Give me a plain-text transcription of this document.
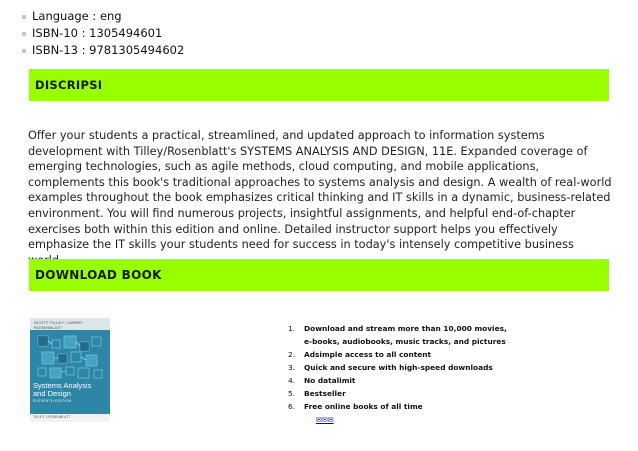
Language : eng
ISBN-10 : 1305494601
ISBN-13 : 9781305494602
DISCRIPSI

Offer your students a practical, streamlined, and updated approach to information systems development with Tilley/Rosenblatt's SYSTEMS ANALYSIS AND DESIGN, 11E. Expanded coverage of emerging technologies, such as agile methods, cloud computing, and mobile applications, complements this book's traditional approaches to systems analysis and design. A wealth of real-world examples throughout the book emphasizes critical thinking and IT skills in a dynamic, business-related environment. You will find numerous projects, insightful assignments, and helpful end-of-chapter exercises both within this edition and online. Detailed instructor support helps you effectively emphasize the IT skills your students need for success in today's intensely competitive business

DOWNLOAD BOOK
SCOTT TILLEY | HARRY ROSENBLATT
Systems Analysis
and Design
ELEVENTH EDITION
TILLEY | ROSENBLATT
1.	Download and stream more than 10,000 movies,
e-books, audiobooks, music tracks, and pictures
2.	Adsimple access to all content
3.	Quick and secure with high-speed downloads
4.	No datalimit
5.	Bestseller
6.	Free online books of all time
✉✉✉
